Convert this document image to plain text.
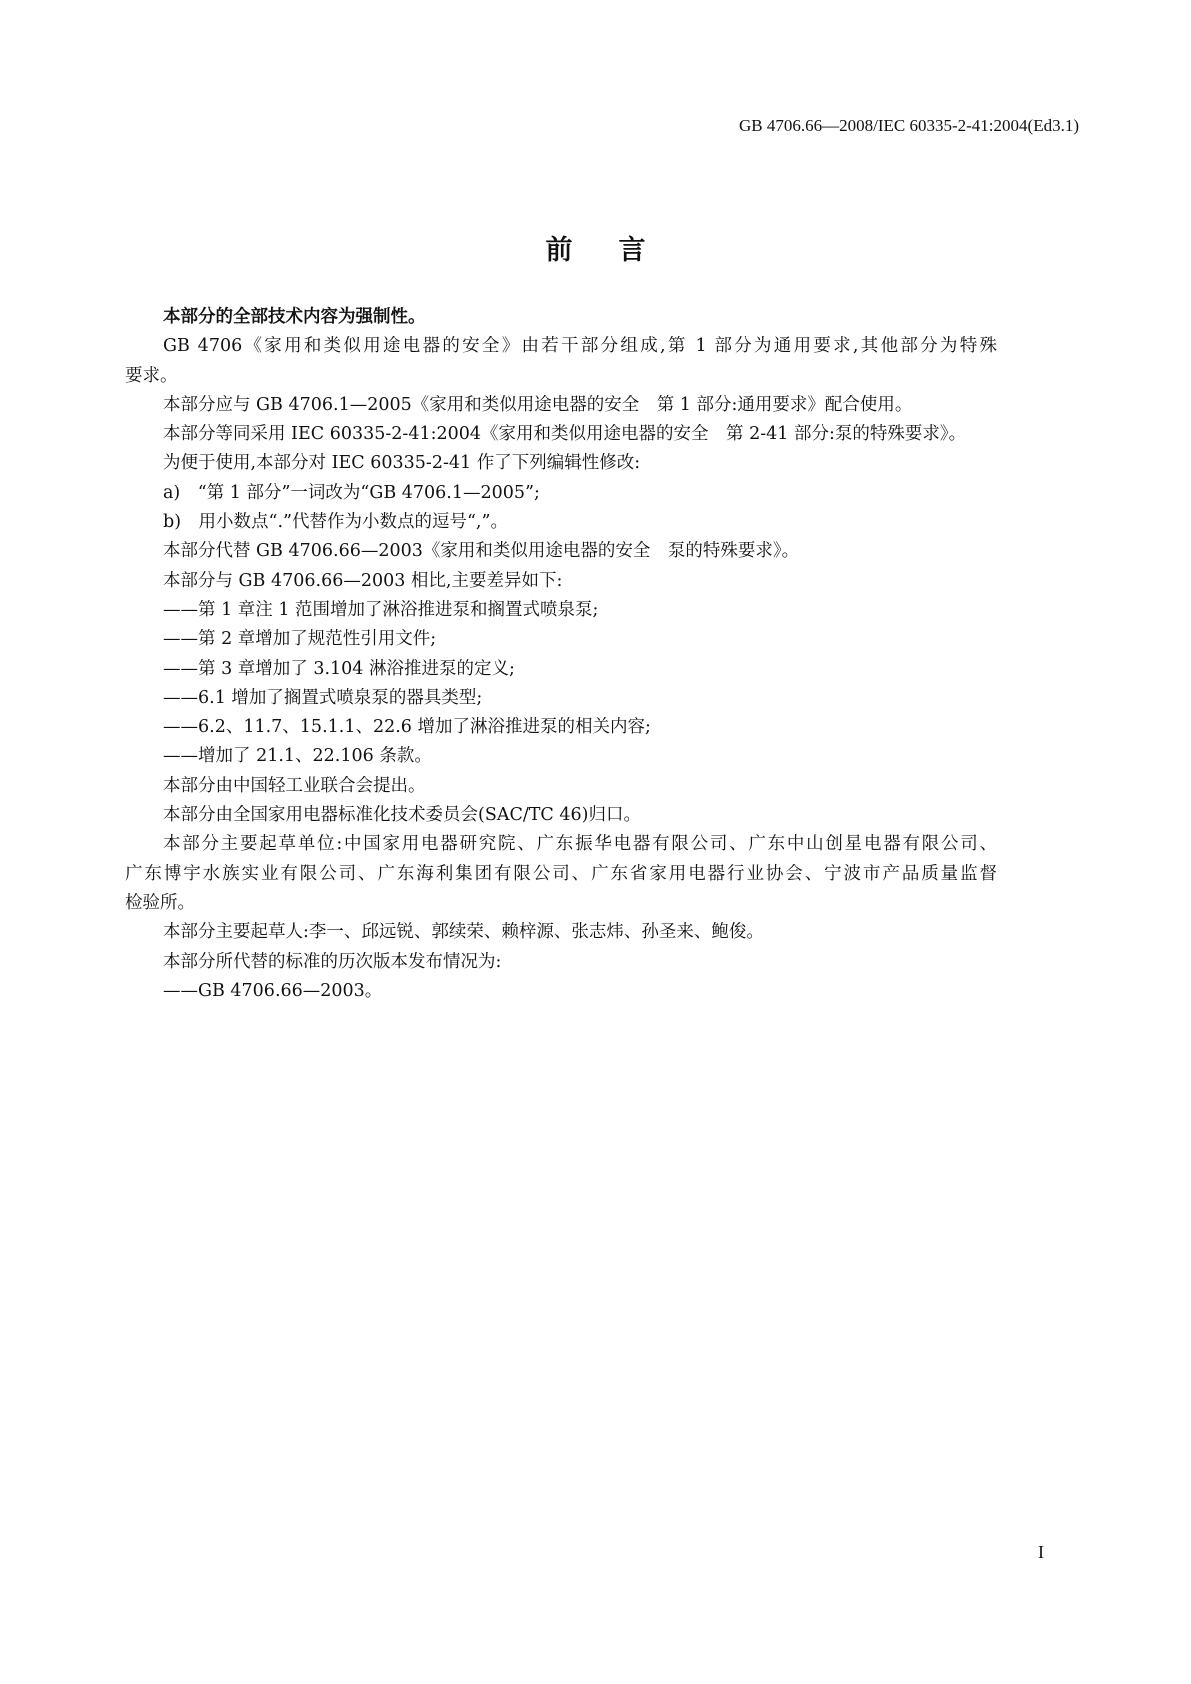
GB 4706.66—2008/IEC 60335-2-41:2004(Ed3.1)
前言
本部分的全部技术内容为强制性。
GB 4706《家用和类似用途电器的安全》由若干部分组成,第 1 部分为通用要求,其他部分为特殊
要求。
本部分应与 GB 4706.1—2005《家用和类似用途电器的安全　第 1 部分:通用要求》配合使用。
本部分等同采用 IEC 60335-2-41:2004《家用和类似用途电器的安全　第 2-41 部分:泵的特殊要求》。
为便于使用,本部分对 IEC 60335-2-41 作了下列编辑性修改:
a)　“第 1 部分”一词改为“GB 4706.1—2005”;
b)　用小数点“.”代替作为小数点的逗号“,”。
本部分代替 GB 4706.66—2003《家用和类似用途电器的安全　泵的特殊要求》。
本部分与 GB 4706.66—2003 相比,主要差异如下:
——第 1 章注 1 范围增加了淋浴推进泵和搁置式喷泉泵;
——第 2 章增加了规范性引用文件;
——第 3 章增加了 3.104 淋浴推进泵的定义;
——6.1 增加了搁置式喷泉泵的器具类型;
——6.2、11.7、15.1.1、22.6 增加了淋浴推进泵的相关内容;
——增加了 21.1、22.106 条款。
本部分由中国轻工业联合会提出。
本部分由全国家用电器标准化技术委员会(SAC/TC 46)归口。
本部分主要起草单位:中国家用电器研究院、广东振华电器有限公司、广东中山创星电器有限公司、
广东博宇水族实业有限公司、广东海利集团有限公司、广东省家用电器行业协会、宁波市产品质量监督
检验所。
本部分主要起草人:李一、邱远锐、郭续荣、赖梓源、张志炜、孙圣来、鲍俊。
本部分所代替的标准的历次版本发布情况为:
——GB 4706.66—2003。
I
